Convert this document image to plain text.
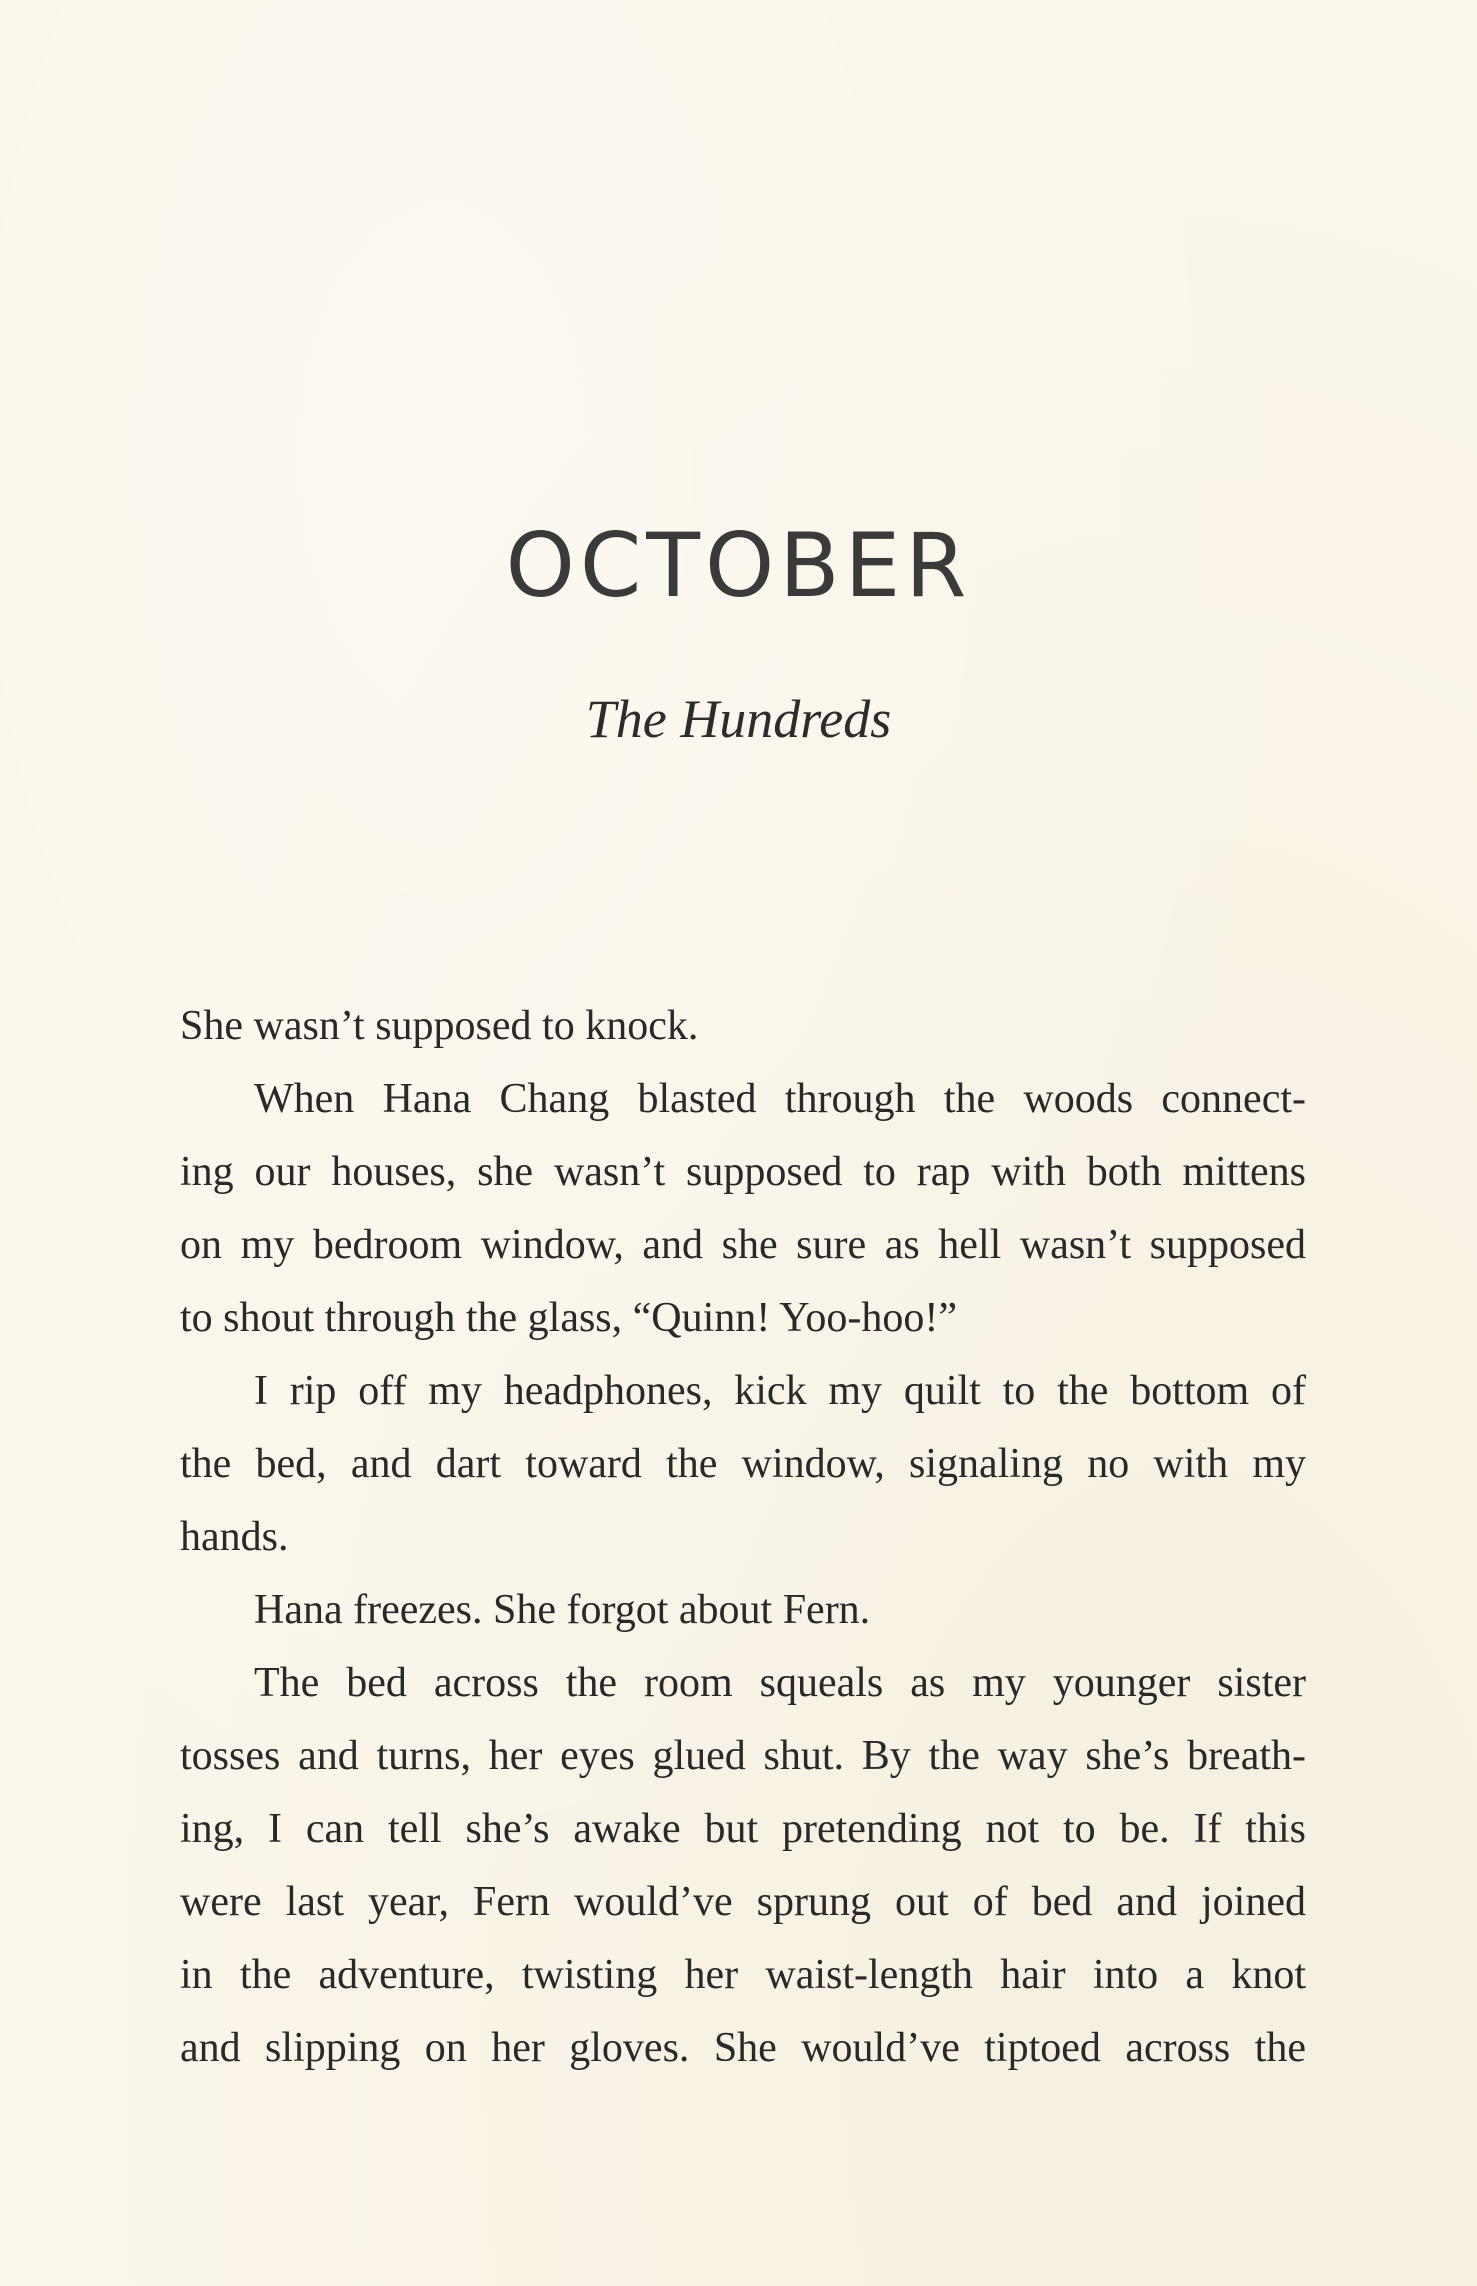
OCTOBER
The Hundreds

She wasn’t supposed to knock.

When Hana Chang blasted through the woods connect-
ing our houses, she wasn’t supposed to rap with both mittens
on my bedroom window, and she sure as hell wasn’t supposed
to shout through the glass, “Quinn! Yoo-hoo!”

I rip off my headphones, kick my quilt to the bottom of
the bed, and dart toward the window, signaling no with my
hands.

Hana freezes. She forgot about Fern.

The bed across the room squeals as my younger sister
tosses and turns, her eyes glued shut. By the way she’s breath-
ing, I can tell she’s awake but pretending not to be. If this
were last year, Fern would’ve sprung out of bed and joined
in the adventure, twisting her waist-length hair into a knot
and slipping on her gloves. She would’ve tiptoed across the
